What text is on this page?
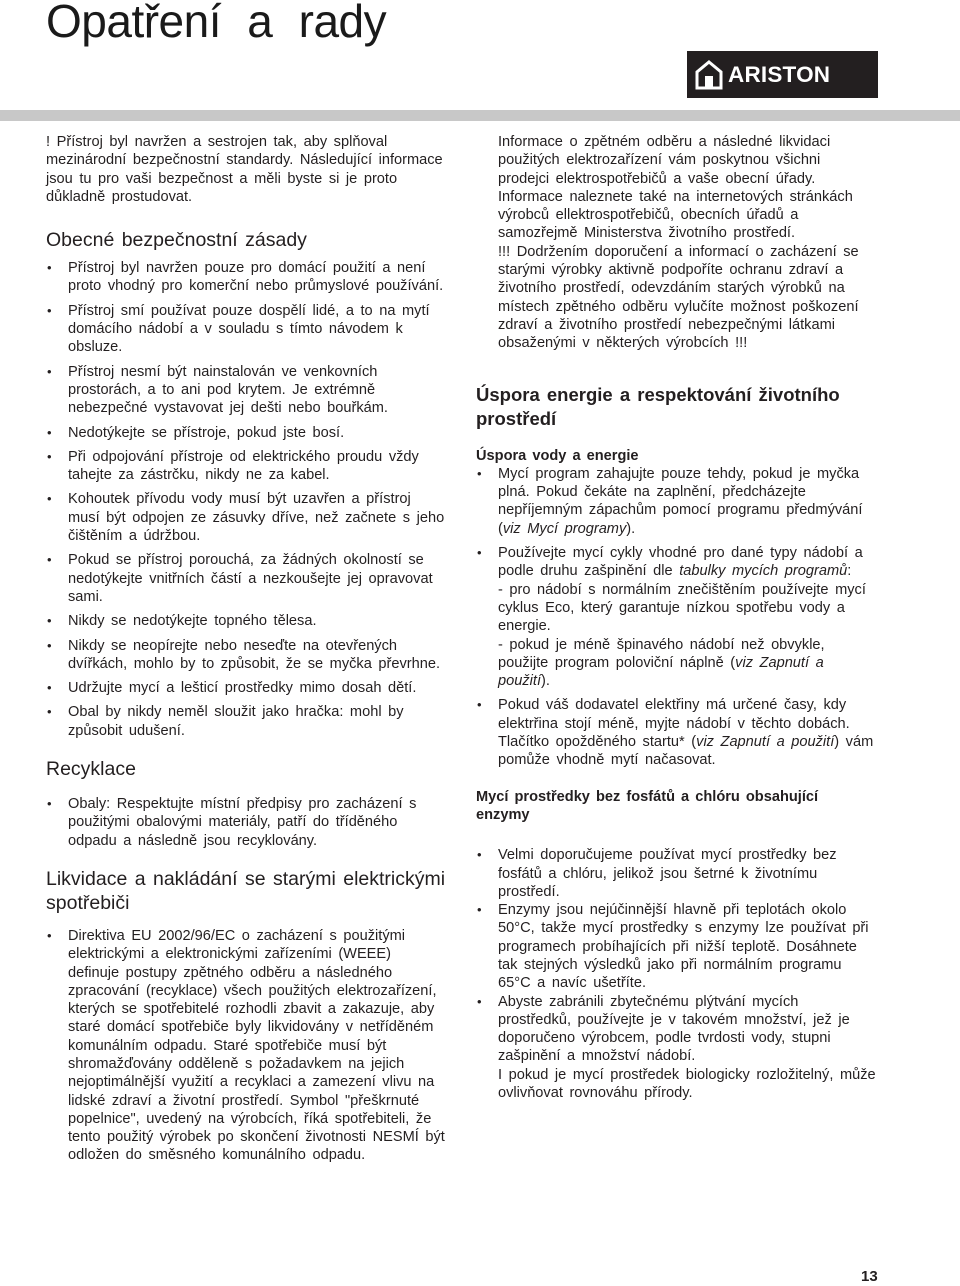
Opatření a rady
ARISTON

! Přístroj byl navržen a sestrojen tak, aby splňoval mezinárodní bezpečnostní standardy. Následující informace jsou tu pro vaši bezpečnost a měli byste si je proto důkladně prostudovat.

Obecné bezpečnostní zásady
• Přístroj byl navržen pouze pro domácí použití a není proto vhodný pro komerční nebo průmyslové používání.
• Přístroj smí používat pouze dospělí lidé, a to na mytí domácího nádobí a v souladu s tímto návodem k obsluze.
• Přístroj nesmí být nainstalován ve venkovních prostorách, a to ani pod krytem. Je extrémně nebezpečné vystavovat jej dešti nebo bouřkám.
• Nedotýkejte se přístroje, pokud jste bosí.
• Při odpojování přístroje od elektrického proudu vždy tahejte za zástrčku, nikdy ne za kabel.
• Kohoutek přívodu vody musí být uzavřen a přístroj musí být odpojen ze zásuvky dříve, než začnete s jeho čištěním a údržbou.
• Pokud se přístroj porouchá, za žádných okolností se nedotýkejte vnitřních částí a nezkoušejte jej opravovat sami.
• Nikdy se nedotýkejte topného tělesa.
• Nikdy se neopírejte nebo neseďte na otevřených dvířkách, mohlo by to způsobit, že se myčka převrhne.
• Udržujte mycí a lešticí prostředky mimo dosah dětí.
• Obal by nikdy neměl sloužit jako hračka: mohl by způsobit udušení.
Recyklace
• Obaly: Respektujte místní předpisy pro zacházení s použitými obalovými materiály, patří do tříděného odpadu a následně jsou recyklovány.
Likvidace a nakládání se starými elektrickými spotřebiči
• Direktiva EU 2002/96/EC o zacházení s použitými elektrickými a elektronickými zařízeními (WEEE) definuje postupy zpětného odběru a následného zpracování (recyklace) všech použitých elektrozařízení, kterých se spotřebitelé rozhodli zbavit a zakazuje, aby staré domácí spotřebiče byly likvidovány v netříděném komunálním odpadu. Staré spotřebiče musí být shromažďovány odděleně s požadavkem na jejich nejoptimálnější využití a recyklaci a zamezení vlivu na lidské zdraví a životní prostředí. Symbol "přeškrnuté popelnice", uvedený na výrobcích, říká spotřebiteli, že tento použitý výrobek po skončení životnosti NESMÍ být odložen do směsného komunálního odpadu.

Informace o zpětném odběru a následné likvidaci použitých elektrozařízení vám poskytnou všichni prodejci elektrospotřebičů a vaše obecní úřady. Informace naleznete také na internetových stránkách výrobců ellektrospotřebičů, obecních úřadů a samozřejmě Ministerstva životního prostředí.

!!! Dodržením doporučení a informací o zacházení se starými výrobky aktivně podpoříte ochranu zdraví a životního prostředí, odevzdáním starých výrobků na místech zpětného odběru vylučíte možnost poškození zdraví a životního prostředí nebezpečnými látkami obsaženými v některých výrobcích !!!

Úspora energie a respektování životního prostředí
Úspora vody a energie
• Mycí program zahajujte pouze tehdy, pokud je myčka plná. Pokud čekáte na zaplnění, předcházejte nepříjemným zápachům pomocí programu předmývání (viz Mycí programy).
• Používejte mycí cykly vhodné pro dané typy nádobí a podle druhu zašpinění dle tabulky mycích programů:

- pro nádobí s normálním znečištěním používejte mycí cyklus Eco, který garantuje nízkou spotřebu vody a energie.

- pokud je méně špinavého nádobí než obvykle, použijte program poloviční náplně (viz Zapnutí a použití).

• Pokud váš dodavatel elektřiny má určené časy, kdy elektrřina stojí méně, myjte nádobí v těchto dobách. Tlačítko opožděného startu* (viz Zapnutí a použití) vám pomůže vhodně mytí načasovat.
Mycí prostředky bez fosfátů a chlóru obsahující enzymy
• Velmi doporučujeme používat mycí prostředky bez fosfátů a chlóru, jelikož jsou šetrné k životnímu prostředí.
• Enzymy jsou nejúčinnější hlavně při teplotách okolo 50°C, takže mycí prostředky s enzymy lze používat při programech probíhajících při nižší teplotě. Dosáhnete tak stejných výsledků jako při normálním programu 65°C a navíc ušetříte.
• Abyste zabránili zbytečnému plýtvání mycích prostředků, používejte je v takovém množství, jež je doporučeno výrobcem, podle tvrdosti vody, stupni zašpinění a množství nádobí.

I pokud je mycí prostředek biologicky rozložitelný, může ovlivňovat rovnováhu přírody.

13
